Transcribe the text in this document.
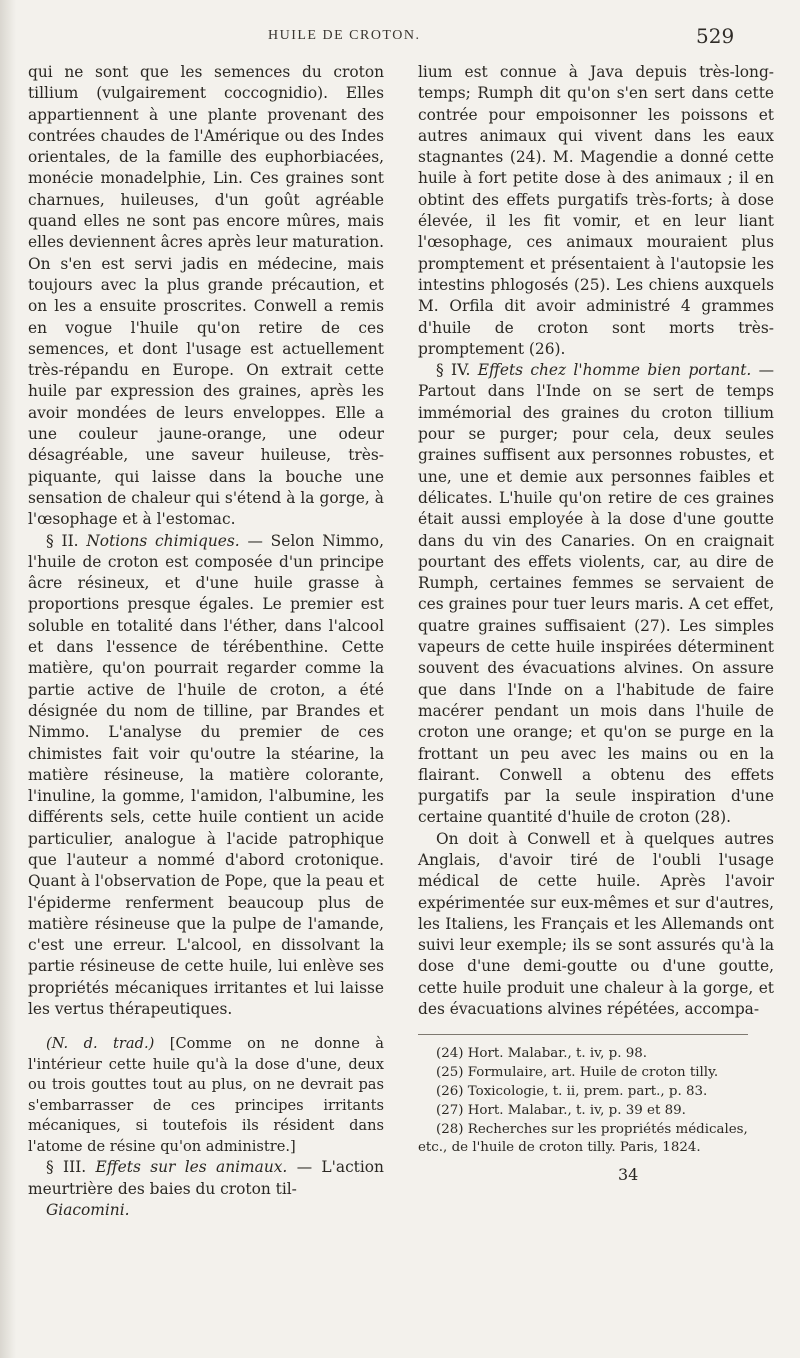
HUILE DE CROTON.	529

qui ne sont que les semences du croton tillium (vulgairement coccognidio). Elles appartiennent à une plante provenant des contrées chaudes de l'Amérique ou des Indes orientales, de la famille des euphorbiacées, monécie monadelphie, Lin. Ces graines sont charnues, huileuses, d'un goût agréable quand elles ne sont pas encore mûres, mais elles deviennent âcres après leur maturation. On s'en est servi jadis en médecine, mais toujours avec la plus grande précaution, et on les a ensuite proscrites. Conwell a remis en vogue l'huile qu'on retire de ces semences, et dont l'usage est actuellement très-répandu en Europe. On extrait cette huile par expression des graines, après les avoir mondées de leurs enveloppes. Elle a une couleur jaune-orange, une odeur désagréable, une saveur huileuse, très-piquante, qui laisse dans la bouche une sensation de chaleur qui s'étend à la gorge, à l'œsophage et à l'estomac.

§ II. Notions chimiques. — Selon Nimmo, l'huile de croton est composée d'un principe âcre résineux, et d'une huile grasse à proportions presque égales. Le premier est soluble en totalité dans l'éther, dans l'alcool et dans l'essence de térébenthine. Cette matière, qu'on pourrait regarder comme la partie active de l'huile de croton, a été désignée du nom de tilline, par Brandes et Nimmo. L'analyse du premier de ces chimistes fait voir qu'outre la stéarine, la matière résineuse, la matière colorante, l'inuline, la gomme, l'amidon, l'albumine, les différents sels, cette huile contient un acide particulier, analogue à l'acide patrophique que l'auteur a nommé d'abord crotonique. Quant à l'observation de Pope, que la peau et l'épiderme renferment beaucoup plus de matière résineuse que la pulpe de l'amande, c'est une erreur. L'alcool, en dissolvant la partie résineuse de cette huile, lui enlève ses propriétés mécaniques irritantes et lui laisse les vertus thérapeutiques.

(N. d. trad.) [Comme on ne donne à l'intérieur cette huile qu'à la dose d'une, deux ou trois gouttes tout au plus, on ne devrait pas s'embarrasser de ces principes irritants mécaniques, si toutefois ils résident dans l'atome de résine qu'on administre.]

§ III. Effets sur les animaux. — L'action meurtrière des baies du croton til-

Giacomini.

lium est connue à Java depuis très-long-temps; Rumph dit qu'on s'en sert dans cette contrée pour empoisonner les poissons et autres animaux qui vivent dans les eaux stagnantes (24). M. Magendie a donné cette huile à fort petite dose à des animaux ; il en obtint des effets purgatifs très-forts; à dose élevée, il les fit vomir, et en leur liant l'œsophage, ces animaux mouraient plus promptement et présentaient à l'autopsie les intestins phlogosés (25). Les chiens auxquels M. Orfila dit avoir administré 4 grammes d'huile de croton sont morts très-promptement (26).

§ IV. Effets chez l'homme bien portant. — Partout dans l'Inde on se sert de temps immémorial des graines du croton tillium pour se purger; pour cela, deux seules graines suffisent aux personnes robustes, et une, une et demie aux personnes faibles et délicates. L'huile qu'on retire de ces graines était aussi employée à la dose d'une goutte dans du vin des Canaries. On en craignait pourtant des effets violents, car, au dire de Rumph, certaines femmes se servaient de ces graines pour tuer leurs maris. A cet effet, quatre graines suffisaient (27). Les simples vapeurs de cette huile inspirées déterminent souvent des évacuations alvines. On assure que dans l'Inde on a l'habitude de faire macérer pendant un mois dans l'huile de croton une orange; et qu'on se purge en la frottant un peu avec les mains ou en la flairant. Conwell a obtenu des effets purgatifs par la seule inspiration d'une certaine quantité d'huile de croton (28).

On doit à Conwell et à quelques autres Anglais, d'avoir tiré de l'oubli l'usage médical de cette huile. Après l'avoir expérimentée sur eux-mêmes et sur d'autres, les Italiens, les Français et les Allemands ont suivi leur exemple; ils se sont assurés qu'à la dose d'une demi-goutte ou d'une goutte, cette huile produit une chaleur à la gorge, et des évacuations alvines répétées, accompa-

(24) Hort. Malabar., t. iv, p. 98.
(25) Formulaire, art. Huile de croton tilly.
(26) Toxicologie, t. ii, prem. part., p. 83.
(27) Hort. Malabar., t. iv, p. 39 et 89.
(28) Recherches sur les propriétés médicales, etc., de l'huile de croton tilly. Paris, 1824.
34
